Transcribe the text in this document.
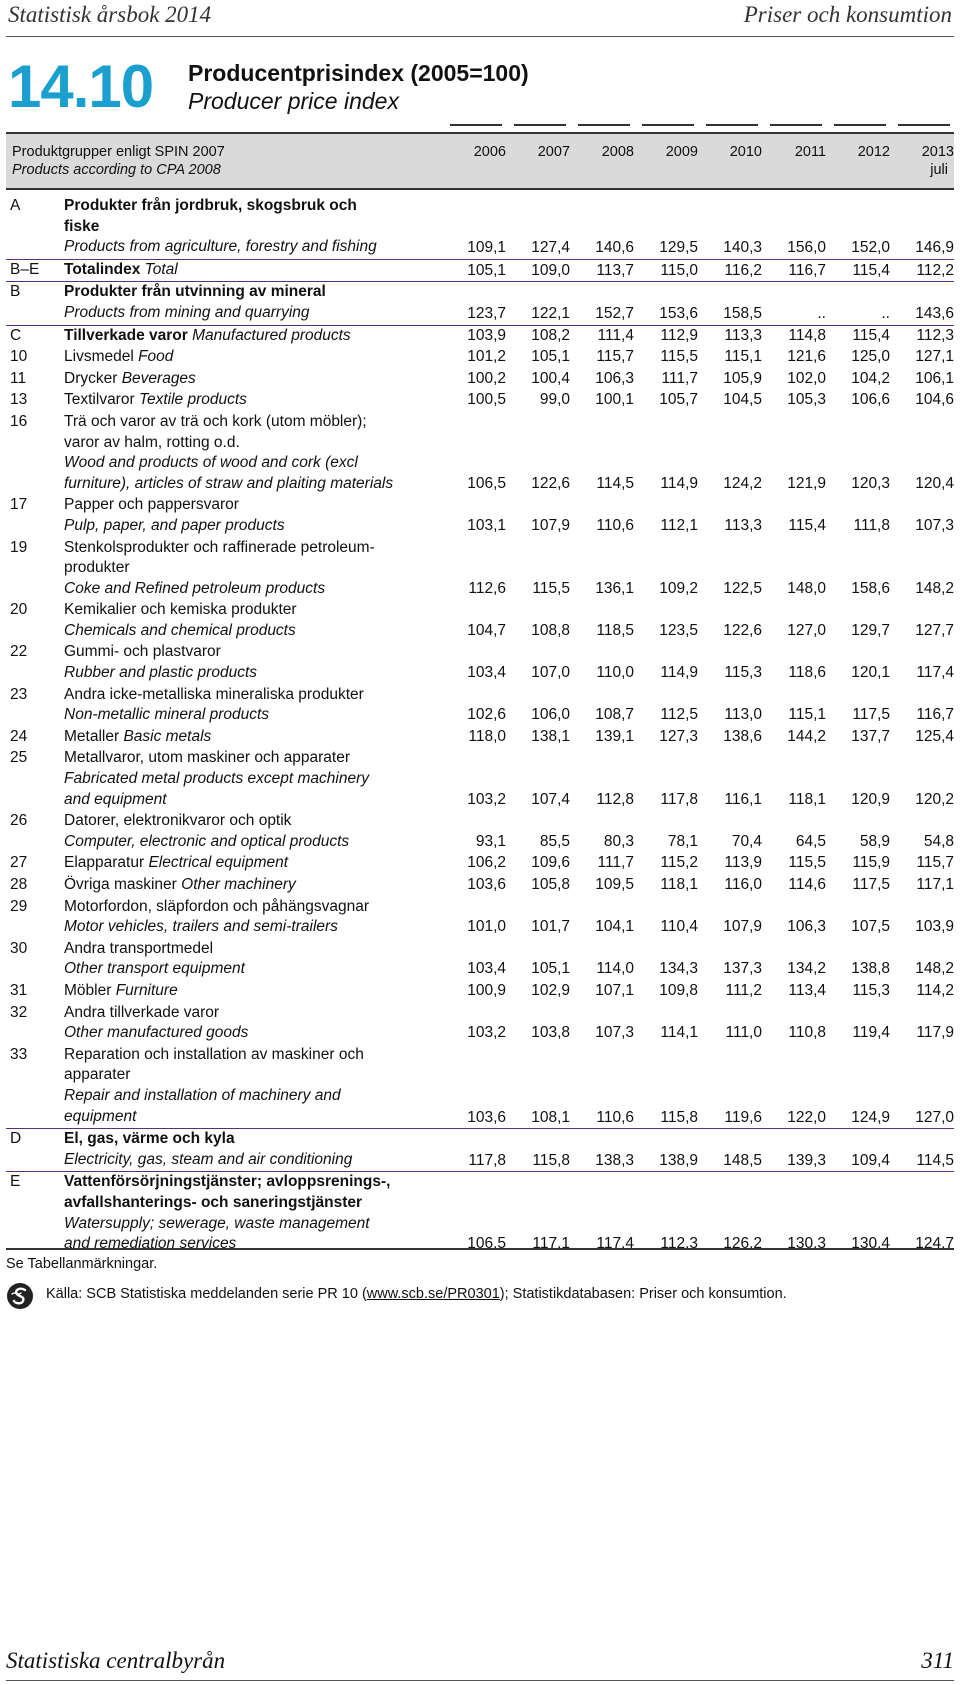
Statistisk årsbok 2014	Priser och konsumtion
14.10 Producentprisindex (2005=100)
Producer price index
Produktgrupper enligt SPIN 2007
Products according to CPA 2008	juli
2006	2007	2008	2009	2010	2011	2012	2013
A	Produkter från jordbruk, skogsbruk och
fiske
Products from agriculture, forestry and fishing	109,1	127,4	140,6	129,5	140,3	156,0	152,0	146,9
B–E Totalindex Total	105,1	109,0	113,7	115,0	116,2	116,7	115,4	112,2
B	Produkter från utvinning av mineral
Products from mining and quarrying	123,7	122,1	152,7	153,6	158,5	..	..	143,6
C	Tillverkade varor Manufactured products	103,9	108,2	111,4	112,9	113,3	114,8	115,4	112,3
10 Livsmedel Food	101,2	105,1	115,7	115,5	115,1	121,6	125,0	127,1
11 Drycker Beverages	100,2	100,4	106,3	111,7	105,9	102,0	104,2	106,1
13 Textilvaror Textile products	100,5	99,0	100,1	105,7	104,5	105,3	106,6	104,6
16 Trä och varor av trä och kork (utom möbler);
varor av halm, rotting o.d.
Wood and products of wood and cork (excl
furniture), articles of straw and plaiting materials	106,5	122,6	114,5	114,9	124,2	121,9	120,3	120,4
17 Papper och pappersvaror
Pulp, paper, and paper products	103,1	107,9	110,6	112,1	113,3	115,4	111,8	107,3
19 Stenkolsprodukter och raffinerade petroleum-
produkter
Coke and Refined petroleum products	112,6	115,5	136,1	109,2	122,5	148,0	158,6	148,2
20 Kemikalier och kemiska produkter
Chemicals and chemical products	104,7	108,8	118,5	123,5	122,6	127,0	129,7	127,7
22 Gummi- och plastvaror
Rubber and plastic products	103,4	107,0	110,0	114,9	115,3	118,6	120,1	117,4
23 Andra icke-metalliska mineraliska produkter
Non-metallic mineral products	102,6	106,0	108,7	112,5	113,0	115,1	117,5	116,7
24 Metaller Basic metals	118,0	138,1	139,1	127,3	138,6	144,2	137,7	125,4
25 Metallvaror, utom maskiner och apparater
Fabricated metal products except machinery
and equipment	103,2	107,4	112,8	117,8	116,1	118,1	120,9	120,2
26 Datorer, elektronikvaror och optik
Computer, electronic and optical products	93,1	85,5	80,3	78,1	70,4	64,5	58,9	54,8
27 Elapparatur Electrical equipment	106,2	109,6	111,7	115,2	113,9	115,5	115,9	115,7
28 Övriga maskiner Other machinery	103,6	105,8	109,5	118,1	116,0	114,6	117,5	117,1
29 Motorfordon, släpfordon och påhängsvagnar
Motor vehicles, trailers and semi-trailers	101,0	101,7	104,1	110,4	107,9	106,3	107,5	103,9
30 Andra transportmedel
Other transport equipment	103,4	105,1	114,0	134,3	137,3	134,2	138,8	148,2
31 Möbler Furniture	100,9	102,9	107,1	109,8	111,2	113,4	115,3	114,2
32 Andra tillverkade varor
Other manufactured goods	103,2	103,8	107,3	114,1	111,0	110,8	119,4	117,9
33 Reparation och installation av maskiner och
apparater
Repair and installation of machinery and
equipment	103,6	108,1	110,6	115,8	119,6	122,0	124,9	127,0
D	El, gas, värme och kyla
Electricity, gas, steam and air conditioning	117,8	115,8	138,3	138,9	148,5	139,3	109,4	114,5
E	Vattenförsörjningstjänster; avloppsrenings-,
avfallshanterings- och saneringstjänster
Watersupply; sewerage, waste management
and remediation services	106,5	117,1	117,4	112,3	126,2	130,3	130,4	124,7
Se Tabellanmärkningar.
Källa: SCB Statistiska meddelanden serie PR 10 (www.scb.se/PR0301); Statistikdatabasen: Priser och konsumtion.
Statistiska centralbyrån	311
